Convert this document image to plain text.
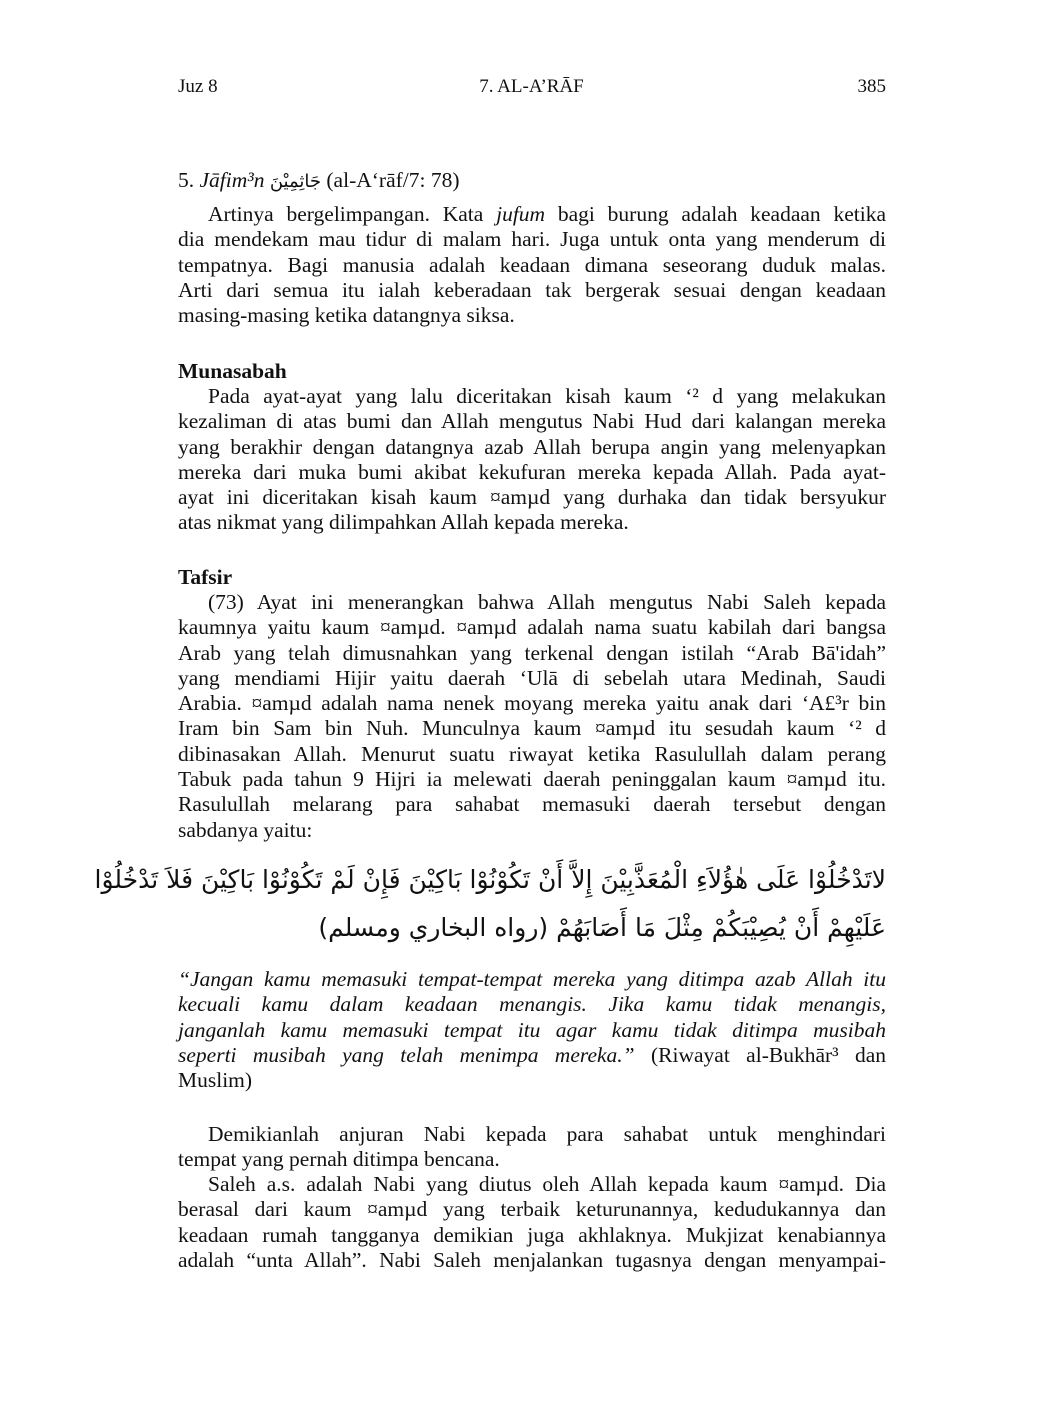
Juz 8	7. AL-A’RĀF	385
5. Jāfim³n جَاثِمِيْنَ (al-A‘rāf/7: 78)
Artinya bergelimpangan. Kata jufum bagi burung adalah keadaan ketika
dia mendekam mau tidur di malam hari. Juga untuk onta yang menderum di
tempatnya. Bagi manusia adalah keadaan dimana seseorang duduk malas.
Arti dari semua itu ialah keberadaan tak bergerak sesuai dengan keadaan
masing-masing ketika datangnya siksa.
Munasabah
Pada ayat-ayat yang lalu diceritakan kisah kaum ‘² d yang melakukan
kezaliman di atas bumi dan Allah mengutus Nabi Hud dari kalangan mereka
yang berakhir dengan datangnya azab Allah berupa angin yang melenyapkan
mereka dari muka bumi akibat kekufuran mereka kepada Allah. Pada ayat-
ayat ini diceritakan kisah kaum ¤amµd yang durhaka dan tidak bersyukur
atas nikmat yang dilimpahkan Allah kepada mereka.
Tafsir
(73) Ayat ini menerangkan bahwa Allah mengutus Nabi Saleh kepada
kaumnya yaitu kaum ¤amµd. ¤amµd adalah nama suatu kabilah dari bangsa
Arab yang telah dimusnahkan yang terkenal dengan istilah “Arab Bā'idah”
yang mendiami Hijir yaitu daerah ‘Ulā di sebelah utara Medinah, Saudi
Arabia. ¤amµd adalah nama nenek moyang mereka yaitu anak dari ‘A£³r bin
Iram bin Sam bin Nuh. Munculnya kaum ¤amµd itu sesudah kaum ‘² d
dibinasakan Allah. Menurut suatu riwayat ketika Rasulullah dalam perang
Tabuk pada tahun 9 Hijri ia melewati daerah peninggalan kaum ¤amµd itu.
Rasulullah melarang para sahabat memasuki daerah tersebut dengan
sabdanya yaitu:
لاتَدْخُلُوْا عَلَى هٰؤُلاَءِ الْمُعَذَّبِيْنَ إِلاَّ أَنْ تَكُوْنُوْا بَاكِيْنَ فَإِنْ لَمْ تَكُوْنُوْا بَاكِيْنَ فَلاَ تَدْخُلُوْا
عَلَيْهِمْ أَنْ يُصِيْبَكُمْ مِثْلَ مَا أَصَابَهُمْ (رواه البخاري ومسلم)
“Jangan kamu memasuki tempat-tempat mereka yang ditimpa azab Allah itu
kecuali kamu dalam keadaan menangis. Jika kamu tidak menangis,
janganlah kamu memasuki tempat itu agar kamu tidak ditimpa musibah
seperti musibah yang telah menimpa mereka.” (Riwayat al-Bukhār³ dan
Muslim)
Demikianlah anjuran Nabi kepada para sahabat untuk menghindari
tempat yang pernah ditimpa bencana.
Saleh a.s. adalah Nabi yang diutus oleh Allah kepada kaum ¤amµd. Dia
berasal dari kaum ¤amµd yang terbaik keturunannya, kedudukannya dan
keadaan rumah tangganya demikian juga akhlaknya. Mukjizat kenabiannya
adalah “unta Allah”. Nabi Saleh menjalankan tugasnya dengan menyampai-
